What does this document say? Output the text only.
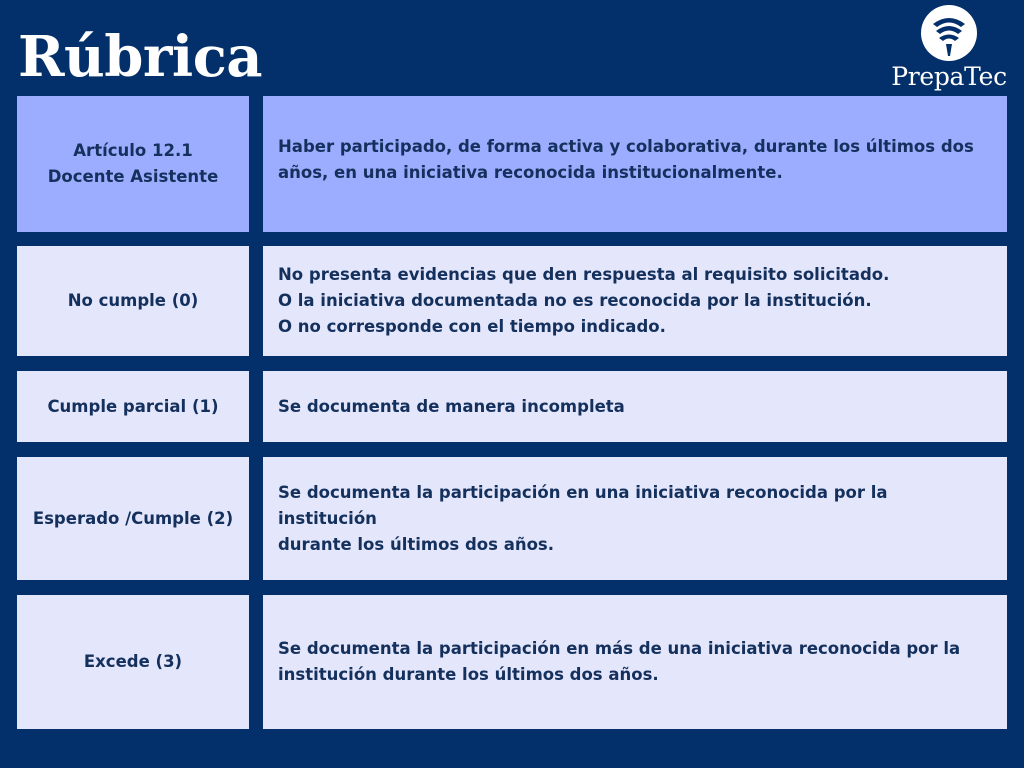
Rúbrica	PrepaTec
Artículo 12.1
Docente Asistente
Haber participado, de forma activa y colaborativa, durante los últimos dos
años, en una iniciativa reconocida institucionalmente.
No cumple (0)
No presenta evidencias que den respuesta al requisito solicitado.
O la iniciativa documentada no es reconocida por la institución.
O no corresponde con el tiempo indicado.
Cumple parcial (1)	Se documenta de manera incompleta
Esperado /Cumple (2)
Se documenta la participación en una iniciativa reconocida por la institución
durante los últimos dos años.
Excede (3)
Se documenta la participación en más de una iniciativa reconocida por la
institución durante los últimos dos años.
